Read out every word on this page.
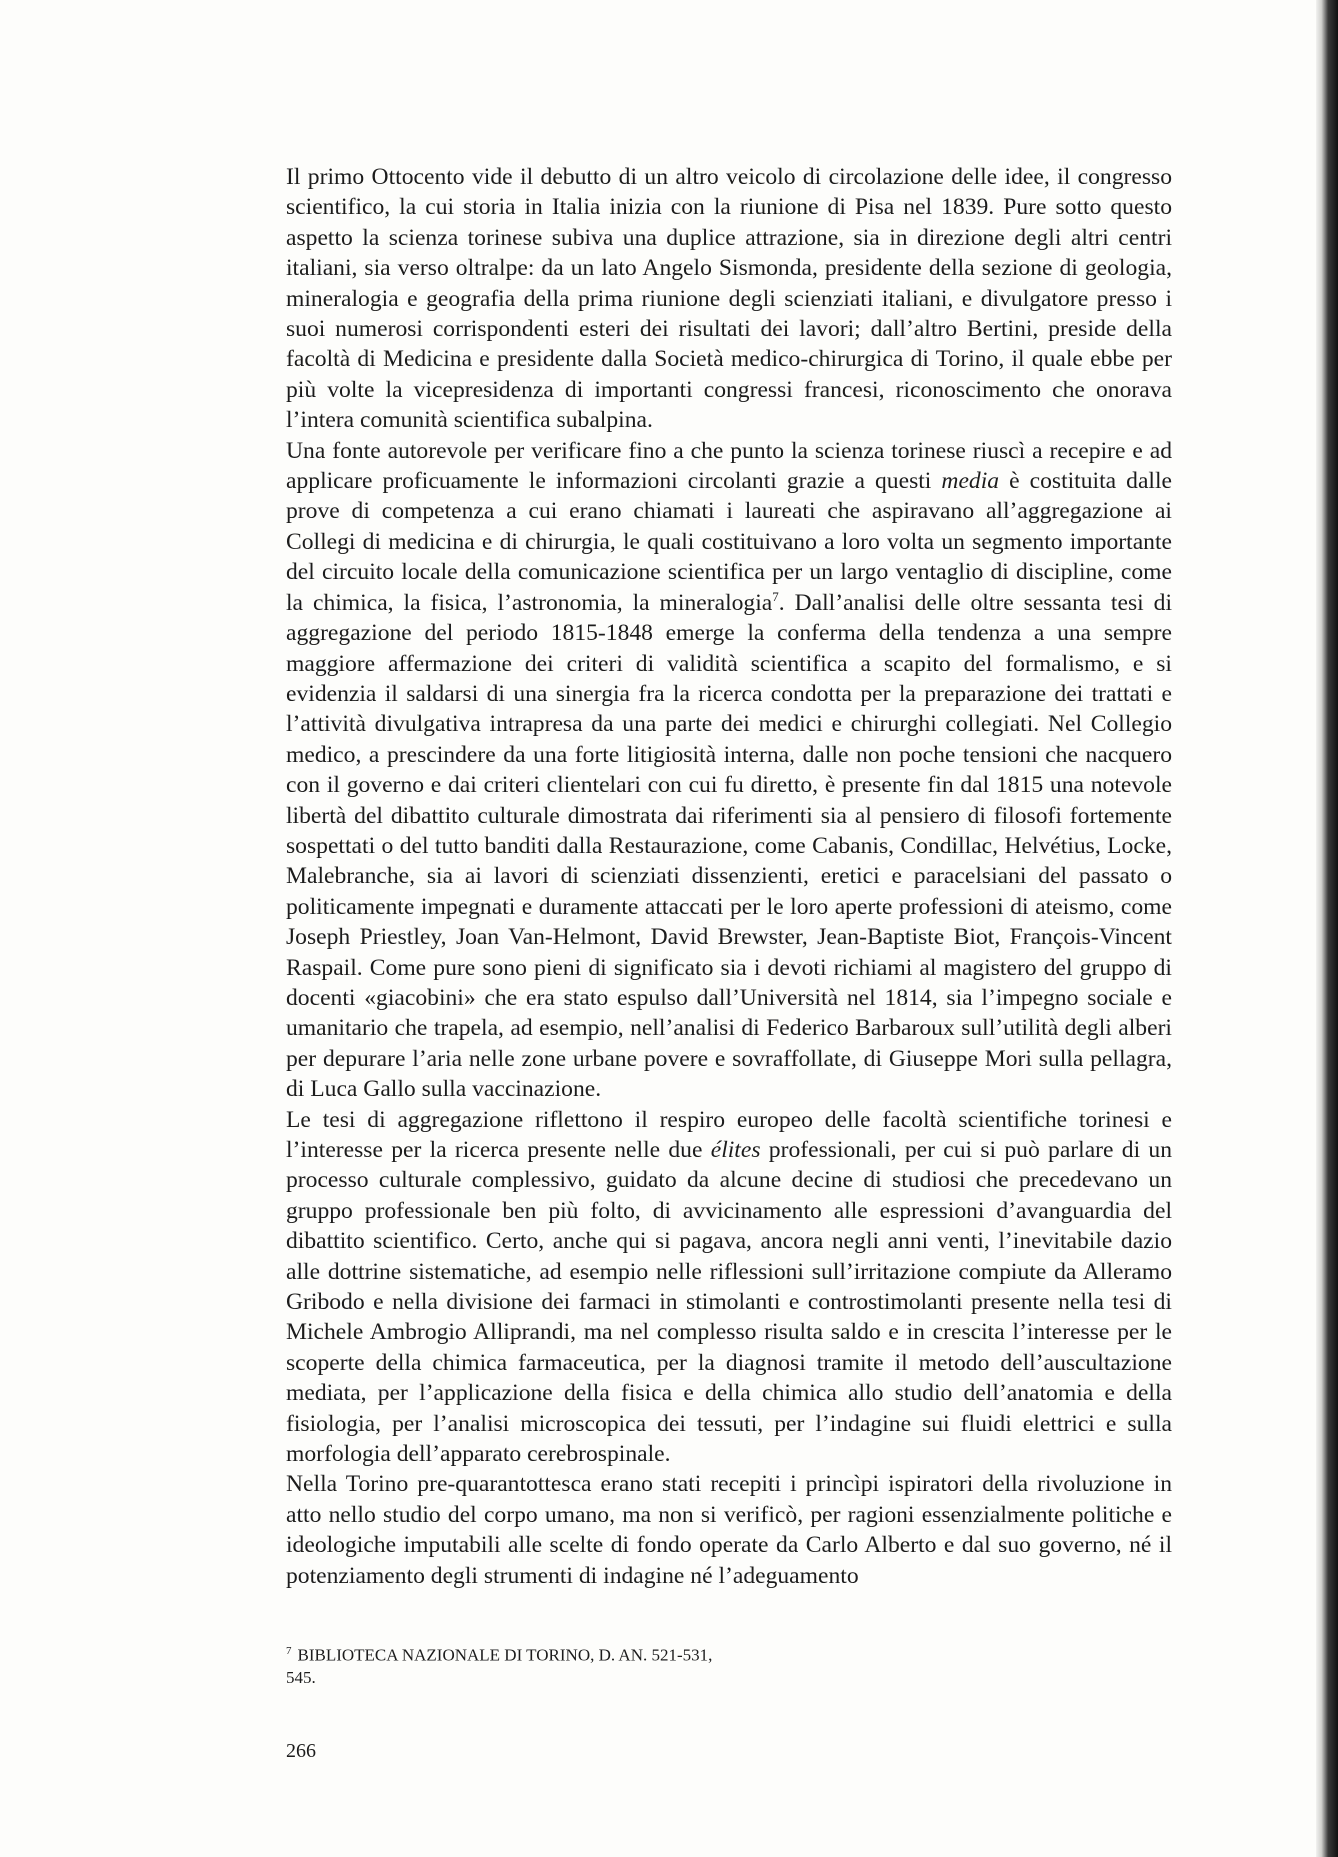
Il primo Ottocento vide il debutto di un altro veicolo di circolazione delle idee, il congresso scientifico, la cui storia in Italia inizia con la riunione di Pisa nel 1839. Pure sotto questo aspetto la scienza torinese subiva una duplice attrazione, sia in direzione degli altri centri italiani, sia verso oltralpe: da un lato Angelo Sismonda, presidente della sezione di geologia, mineralogia e geografia della prima riunione degli scienziati italiani, e divulgatore presso i suoi numerosi corrispondenti esteri dei risultati dei lavori; dall’altro Bertini, preside della facoltà di Medicina e presidente dalla Società medico-chirurgica di Torino, il quale ebbe per più volte la vicepresidenza di importanti congressi francesi, riconoscimento che onorava l’intera comunità scientifica subalpina.

Una fonte autorevole per verificare fino a che punto la scienza torinese riuscì a recepire e ad applicare proficuamente le informazioni circolanti grazie a questi media è costituita dalle prove di competenza a cui erano chiamati i laureati che aspiravano all’aggregazione ai Collegi di medicina e di chirurgia, le quali costituivano a loro volta un segmento importante del circuito locale della comunicazione scientifica per un largo ventaglio di discipline, come la chimica, la fisica, l’astronomia, la mineralogia$^7$. Dall’analisi delle oltre sessanta tesi di aggregazione del periodo 1815-1848 emerge la conferma della tendenza a una sempre maggiore affermazione dei criteri di validità scientifica a scapito del formalismo, e si evidenzia il saldarsi di una sinergia fra la ricerca condotta per la preparazione dei trattati e l’attività divulgativa intrapresa da una parte dei medici e chirurghi collegiati. Nel Collegio medico, a prescindere da una forte litigiosità interna, dalle non poche tensioni che nacquero con il governo e dai criteri clientelari con cui fu diretto, è presente fin dal 1815 una notevole libertà del dibattito culturale dimostrata dai riferimenti sia al pensiero di filosofi fortemente sospettati o del tutto banditi dalla Restaurazione, come Cabanis, Condillac, Helvétius, Locke, Malebranche, sia ai lavori di scienziati dissenzienti, eretici e paracelsiani del passato o politicamente impegnati e duramente attaccati per le loro aperte professioni di ateismo, come Joseph Priestley, Joan Van-Helmont, David Brewster, Jean-Baptiste Biot, François-Vincent Raspail. Come pure sono pieni di significato sia i devoti richiami al magistero del gruppo di docenti «giacobini» che era stato espulso dall’Università nel 1814, sia l’impegno sociale e umanitario che trapela, ad esempio, nell’analisi di Federico Barbaroux sull’utilità degli alberi per depurare l’aria nelle zone urbane povere e sovraffollate, di Giuseppe Mori sulla pellagra, di Luca Gallo sulla vaccinazione.

Le tesi di aggregazione riflettono il respiro europeo delle facoltà scientifiche torinesi e l’interesse per la ricerca presente nelle due élites professionali, per cui si può parlare di un processo culturale complessivo, guidato da alcune decine di studiosi che precedevano un gruppo professionale ben più folto, di avvicinamento alle espressioni d’avanguardia del dibattito scientifico. Certo, anche qui si pagava, ancora negli anni venti, l’inevitabile dazio alle dottrine sistematiche, ad esempio nelle riflessioni sull’irritazione compiute da Alleramo Gribodo e nella divisione dei farmaci in stimolanti e controstimolanti presente nella tesi di Michele Ambrogio Alliprandi, ma nel complesso risulta saldo e in crescita l’interesse per le scoperte della chimica farmaceutica, per la diagnosi tramite il metodo dell’auscultazione mediata, per l’applicazione della fisica e della chimica allo studio dell’anatomia e della fisiologia, per l’analisi microscopica dei tessuti, per l’indagine sui fluidi elettrici e sulla morfologia dell’apparato cerebrospinale.

Nella Torino pre-quarantottesca erano stati recepiti i princìpi ispiratori della rivoluzione in atto nello studio del corpo umano, ma non si verificò, per ragioni essenzialmente politiche e ideologiche imputabili alle scelte di fondo operate da Carlo Alberto e dal suo governo, né il potenziamento degli strumenti di indagine né l’adeguamento

$^7$ BIBLIOTECA NAZIONALE DI TORINO, D. AN. 521-531, 545.
266
